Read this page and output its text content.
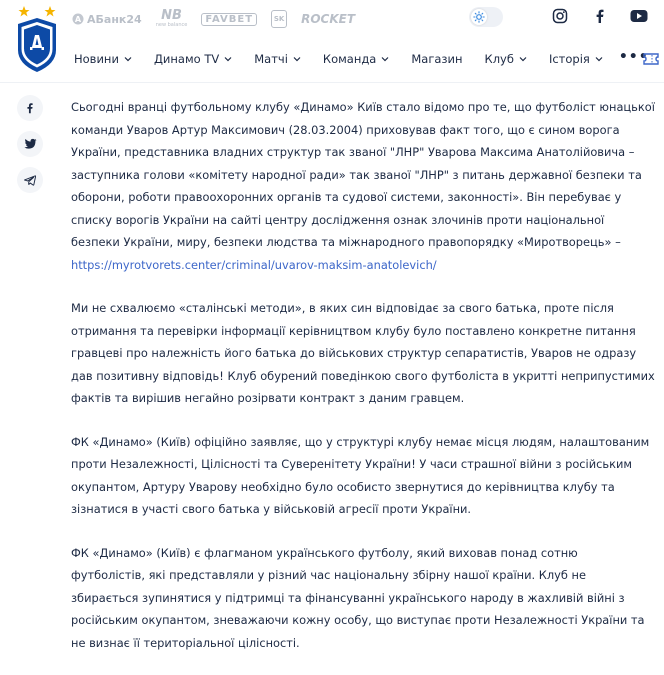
A АБанк24 NB
new balance
FAVBET	SK ROCKET
Новини	Динамо TV	Матчі	Команда	Магазин Клуб	Історія •••

Сьогодні вранці футбольному клубу «Динамо» Київ стало відомо про те, що футболіст юнацької команди Уваров Артур Максимович (28.03.2004) приховував факт того, що є сином ворога України, представника владних структур так званої "ЛНР" Уварова Максима Анатолійовича – заступника голови «комітету народної ради» так званої "ЛНР" з питань державної безпеки та оборони, роботи правоохоронних органів та судової системи, законності». Він перебуває у списку ворогів України на сайті центру дослідження ознак злочинів проти національної безпеки України, миру, безпеки людства та міжнародного правопорядку «Миротворець» – https://myrotvorets.center/criminal/uvarov-maksim-anatolevich/

Ми не схвалюємо «сталінські методи», в яких син відповідає за свого батька, проте після отримання та перевірки інформації керівництвом клубу було поставлено конкретне питання гравцеві про належність його батька до військових структур сепаратистів, Уваров не одразу дав позитивну відповідь! Клуб обурений поведінкою свого футболіста в укритті неприпустимих фактів та вирішив негайно розірвати контракт з даним гравцем.

ФК «Динамо» (Київ) офіційно заявляє, що у структурі клубу немає місця людям, налаштованим проти Незалежності, Цілісності та Суверенітету України! У часи страшної війни з російським окупантом, Артуру Уварову необхідно було особисто звернутися до керівництва клубу та зізнатися в участі свого батька у військовій агресії проти України.

ФК «Динамо» (Київ) є флагманом українського футболу, який виховав понад сотню футболістів, які представляли у різний час національну збірну нашої країни. Клуб не збирається зупинятися у підтримці та фінансуванні українського народу в жахливій війні з російським окупантом, зневажаючи кожну особу, що виступає проти Незалежності України та не визнає її територіальної цілісності.
